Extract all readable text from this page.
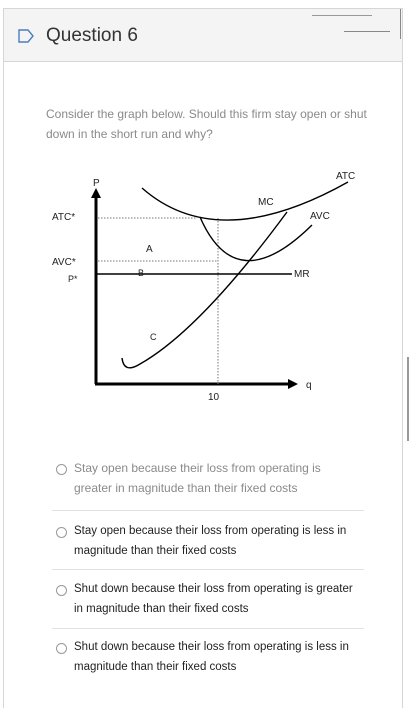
Question 6
Consider the graph below. Should this firm stay open or shut down in the short run and why?
P
ATC*
AVC*
P*
10
q
MC
ATC
AVC
MR
A
B
C
Stay open because their loss from operating is greater in magnitude than their fixed costs
Stay open because their loss from operating is less in magnitude than their fixed costs
Shut down because their loss from operating is greater in magnitude than their fixed costs
Shut down because their loss from operating is less in magnitude than their fixed costs
